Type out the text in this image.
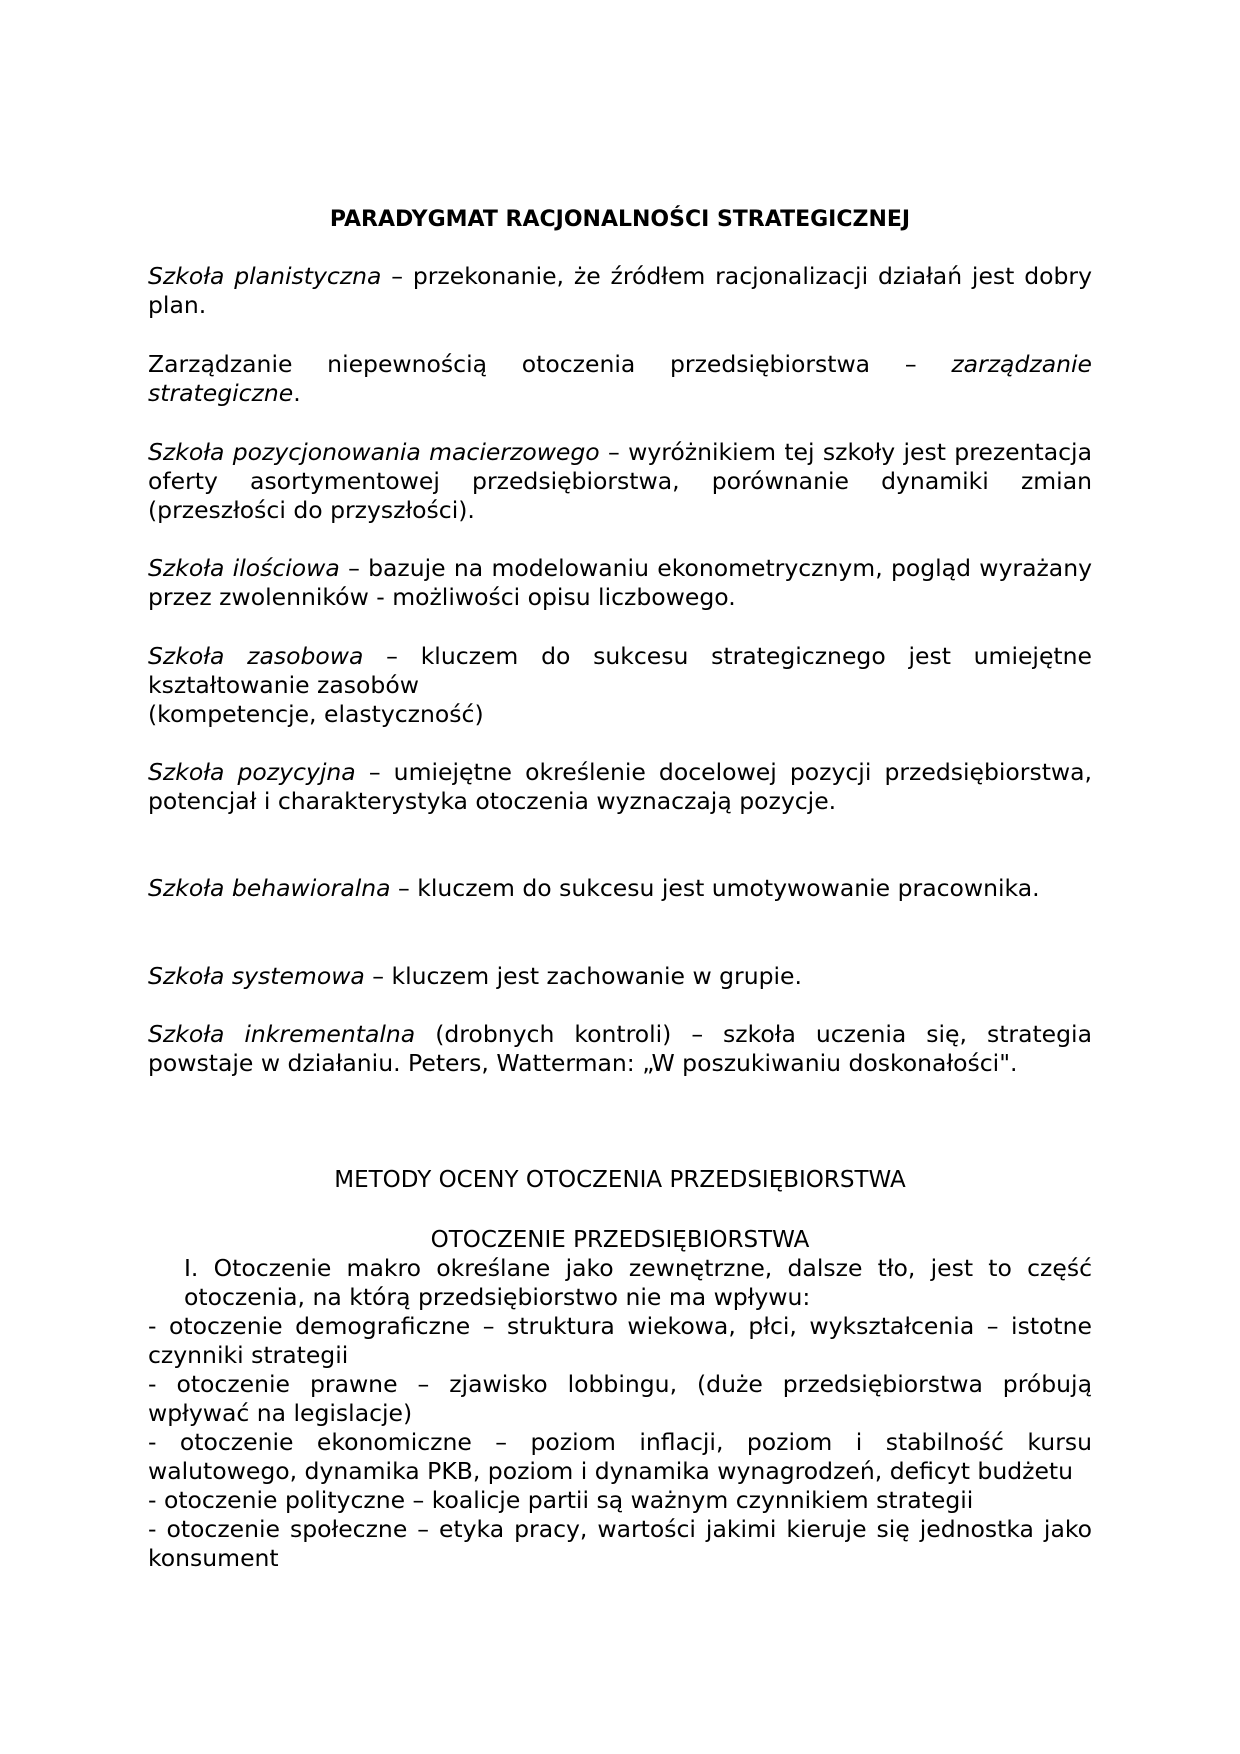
PARADYGMAT RACJONALNOŚCI STRATEGICZNEJ

Szkoła planistyczna – przekonanie, że źródłem racjonalizacji działań jest dobry plan.

Zarządzanie niepewnością otoczenia przedsiębiorstwa – zarządzanie strategiczne.

Szkoła pozycjonowania macierzowego – wyróżnikiem tej szkoły jest prezentacja oferty asortymentowej przedsiębiorstwa, porównanie dynamiki zmian (przeszłości do przyszłości).

Szkoła ilościowa – bazuje na modelowaniu ekonometrycznym, pogląd wyrażany przez zwolenników - możliwości opisu liczbowego.

Szkoła zasobowa – kluczem do sukcesu strategicznego jest umiejętne kształtowanie zasobów
(kompetencje, elastyczność)

Szkoła pozycyjna – umiejętne określenie docelowej pozycji przedsiębiorstwa, potencjał i charakterystyka otoczenia wyznaczają pozycje.

Szkoła behawioralna – kluczem do sukcesu jest umotywowanie pracownika.

Szkoła systemowa – kluczem jest zachowanie w grupie.

Szkoła inkrementalna (drobnych kontroli) – szkoła uczenia się, strategia powstaje w działaniu. Peters, Watterman: „W poszukiwaniu doskonałości".

METODY OCENY OTOCZENIA PRZEDSIĘBIORSTWA
OTOCZENIE PRZEDSIĘBIORSTWA

I. Otoczenie makro określane jako zewnętrzne, dalsze tło, jest to część otoczenia, na którą przedsiębiorstwo nie ma wpływu:

- otoczenie demograficzne – struktura wiekowa, płci, wykształcenia – istotne czynniki strategii
- otoczenie prawne – zjawisko lobbingu, (duże przedsiębiorstwa próbują wpływać na legislacje)
- otoczenie ekonomiczne – poziom inflacji, poziom i stabilność kursu walutowego, dynamika PKB, poziom i dynamika wynagrodzeń, deficyt budżetu
- otoczenie polityczne – koalicje partii są ważnym czynnikiem strategii
- otoczenie społeczne – etyka pracy, wartości jakimi kieruje się jednostka jako konsument
